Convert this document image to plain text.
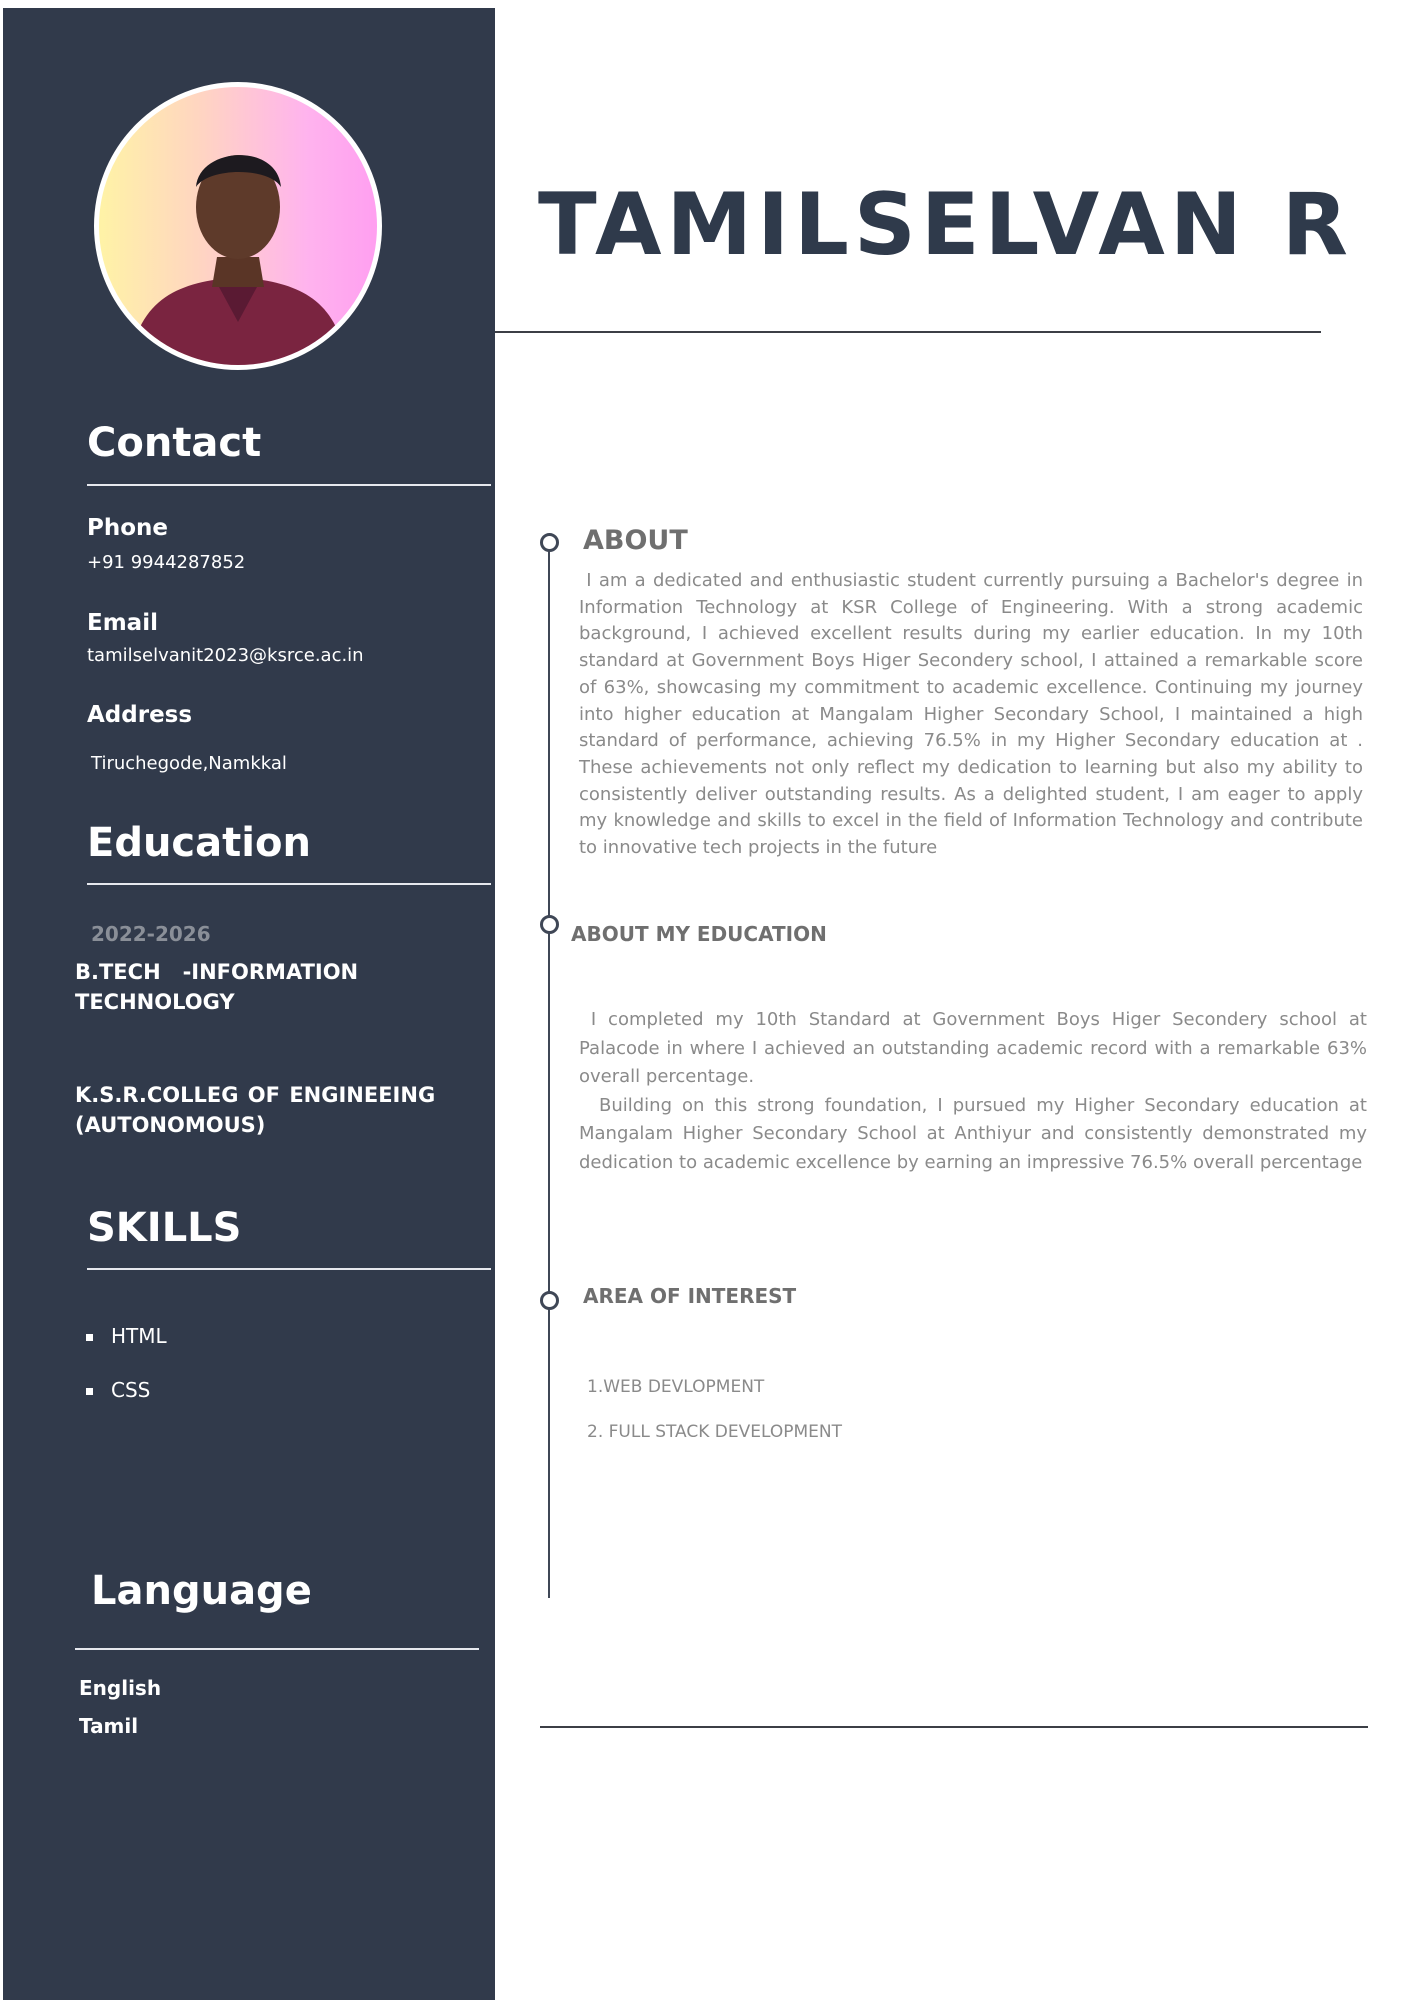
Contact
Phone
+91 9944287852
Email
tamilselvanit2023@ksrce.ac.in
Address
Tiruchegode,Namkkal
Education
2022-2026
B.TECH   -INFORMATION
TECHNOLOGY
K.S.R.COLLEG OF ENGINEEING
(AUTONOMOUS)
SKILLS
HTML
CSS
Language
English
Tamil
TAMILSELVAN R
ABOUT
I am a dedicated and enthusiastic student currently pursuing a Bachelor's degree in Information Technology at KSR College of Engineering. With a strong academic background, I achieved excellent results during my earlier education. In my 10th standard at Government Boys Higer Secondery school, I attained a remarkable score of 63%, showcasing my commitment to academic excellence. Continuing my journey into higher education at Mangalam Higher Secondary School, I maintained a high standard of performance, achieving 76.5% in my Higher Secondary education at . These achievements not only reflect my dedication to learning but also my ability to consistently deliver outstanding results. As a delighted student, I am eager to apply my knowledge and skills to excel in the field of Information Technology and contribute to innovative tech projects in the future
ABOUT MY EDUCATION
I completed my 10th Standard at Government Boys Higer Secondery school at Palacode in where I achieved an outstanding academic record with a remarkable 63% overall percentage.
Building on this strong foundation, I pursued my Higher Secondary education at Mangalam Higher Secondary School at Anthiyur and consistently demonstrated my dedication to academic excellence by earning an impressive 76.5% overall percentage
AREA OF INTEREST
1.WEB DEVLOPMENT
2. FULL STACK DEVELOPMENT
